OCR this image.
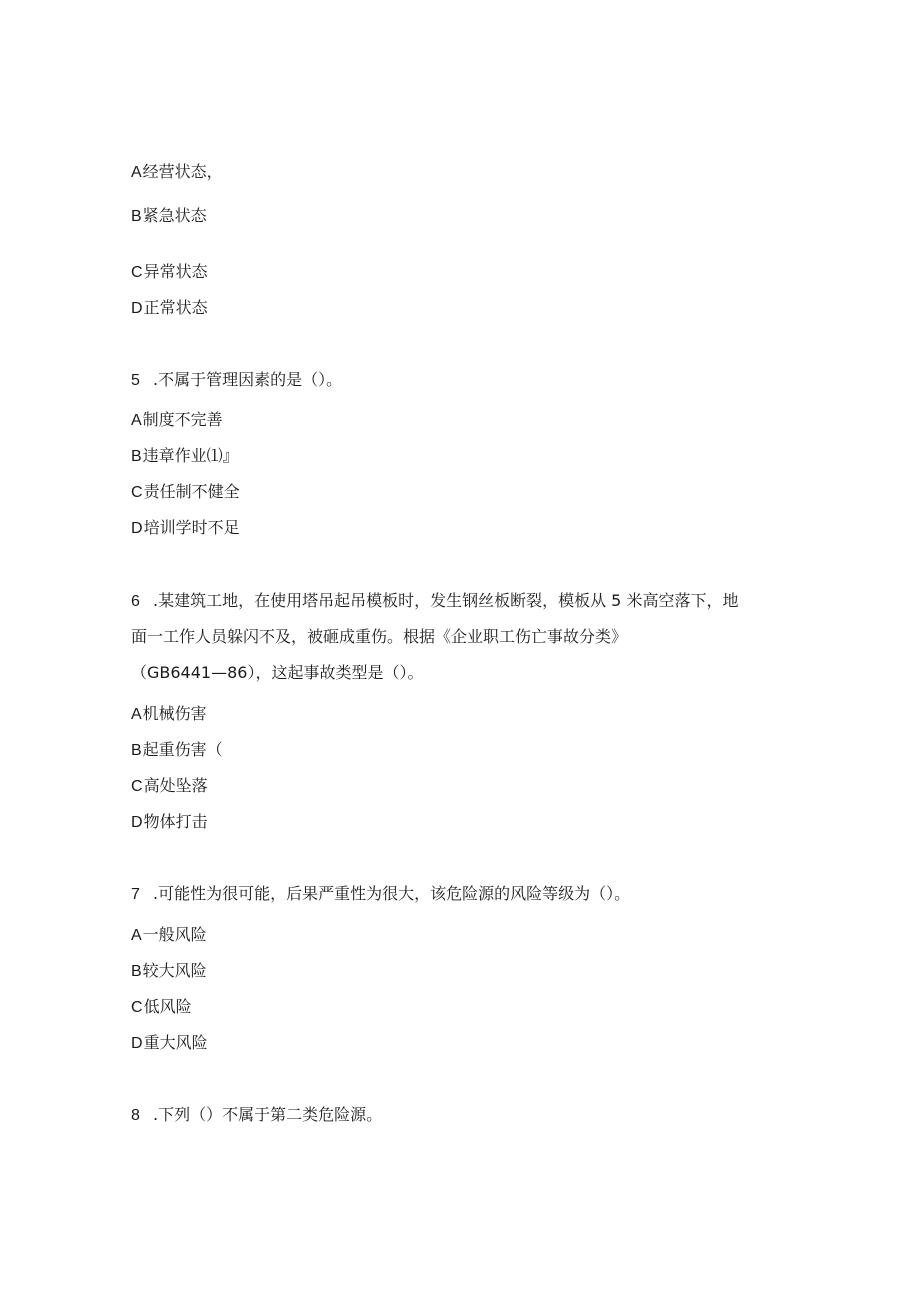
A经营状态，
B紧急状态
C异常状态
D正常状态
5 .不属于管理因素的是（）。
A制度不完善
B违章作业⑴』
C责任制不健全
D培训学时不足
6 .某建筑工地，在使用塔吊起吊模板时，发生钢丝板断裂，模板从 5 米高空落下，地
面一工作人员躲闪不及，被砸成重伤。根据《企业职工伤亡事故分类》
（GB6441—86），这起事故类型是（）。
A机械伤害
B起重伤害（
C高处坠落
D物体打击
7 .可能性为很可能，后果严重性为很大，该危险源的风险等级为（）。
A一般风险
B较大风险
C低风险
D重大风险
8 .下列（）不属于第二类危险源。
